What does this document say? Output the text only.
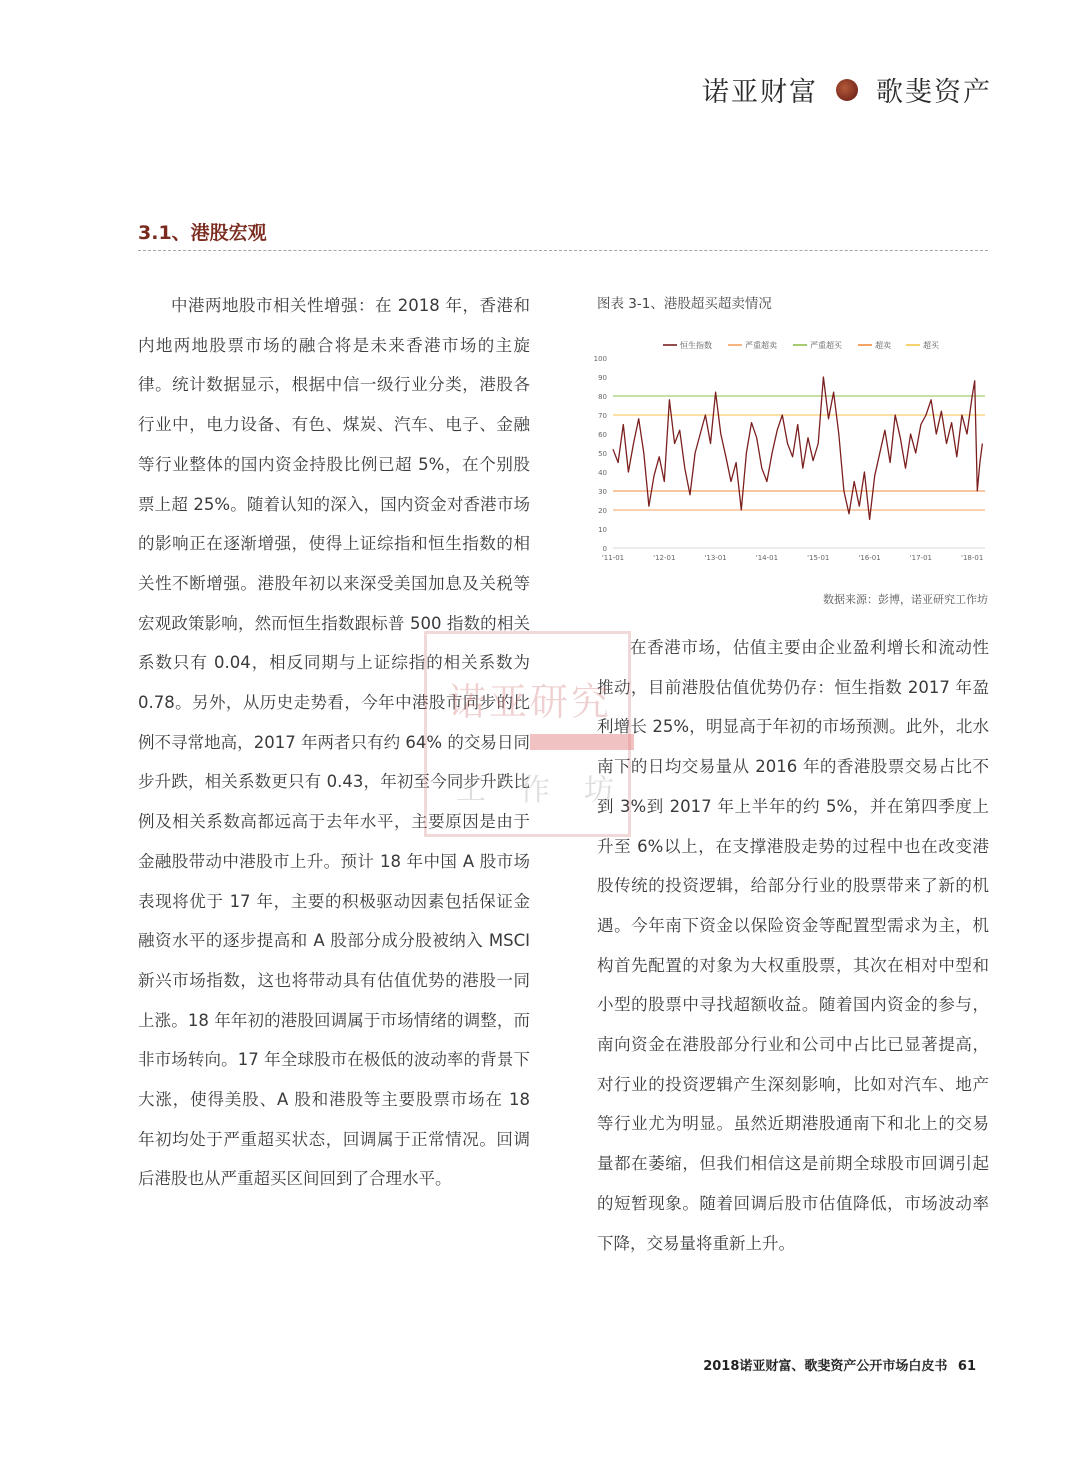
诺亚财富 歌斐资产
3.1、港股宏观

中港两地股市相关性增强：在 2018 年，香港和内地两地股票市场的融合将是未来香港市场的主旋律。统计数据显示，根据中信一级行业分类，港股各行业中，电力设备、有色、煤炭、汽车、电子、金融等行业整体的国内资金持股比例已超 5%，在个别股票上超 25%。随着认知的深入，国内资金对香港市场的影响正在逐渐增强，使得上证综指和恒生指数的相关性不断增强。港股年初以来深受美国加息及关税等宏观政策影响，然而恒生指数跟标普 500 指数的相关系数只有 0.04，相反同期与上证综指的相关系数为 0.78。另外，从历史走势看，今年中港股市同步的比例不寻常地高，2017 年两者只有约 64% 的交易日同步升跌，相关系数更只有 0.43，年初至今同步升跌比例及相关系数高都远高于去年水平，主要原因是由于金融股带动中港股市上升。预计 18 年中国 A 股市场表现将优于 17 年，主要的积极驱动因素包括保证金融资水平的逐步提高和 A 股部分成分股被纳入 MSCI 新兴市场指数，这也将带动具有估值优势的港股一同上涨。18 年年初的港股回调属于市场情绪的调整，而非市场转向。17 年全球股市在极低的波动率的背景下大涨，使得美股、A 股和港股等主要股票市场在 18 年初均处于严重超买状态，回调属于正常情况。回调后港股也从严重超买区间回到了合理水平。

图表 3-1、港股超买超卖情况
恒生指数	严重超卖	严重超买	超卖	超买
0
10
20
30
40
50
60
70
80
90
100
'11-01	'12-01	'13-01	'14-01	'15-01	'16-01	'17-01	'18-01
数据来源：彭博，诺亚研究工作坊

在香港市场，估值主要由企业盈利增长和流动性推动，目前港股估值优势仍存：恒生指数 2017 年盈利增长 25%，明显高于年初的市场预测。此外，北水南下的日均交易量从 2016 年的香港股票交易占比不到 3%到 2017 年上半年的约 5%，并在第四季度上升至 6%以上，在支撑港股走势的过程中也在改变港股传统的投资逻辑，给部分行业的股票带来了新的机遇。今年南下资金以保险资金等配置型需求为主，机构首先配置的对象为大权重股票，其次在相对中型和小型的股票中寻找超额收益。随着国内资金的参与，南向资金在港股部分行业和公司中占比已显著提高，对行业的投资逻辑产生深刻影响，比如对汽车、地产等行业尤为明显。虽然近期港股通南下和北上的交易量都在萎缩，但我们相信这是前期全球股市回调引起的短暂现象。随着回调后股市估值降低，市场波动率下降，交易量将重新上升。

诺亚研究
工作坊
2018诺亚财富、歌斐资产公开市场白皮书 61
